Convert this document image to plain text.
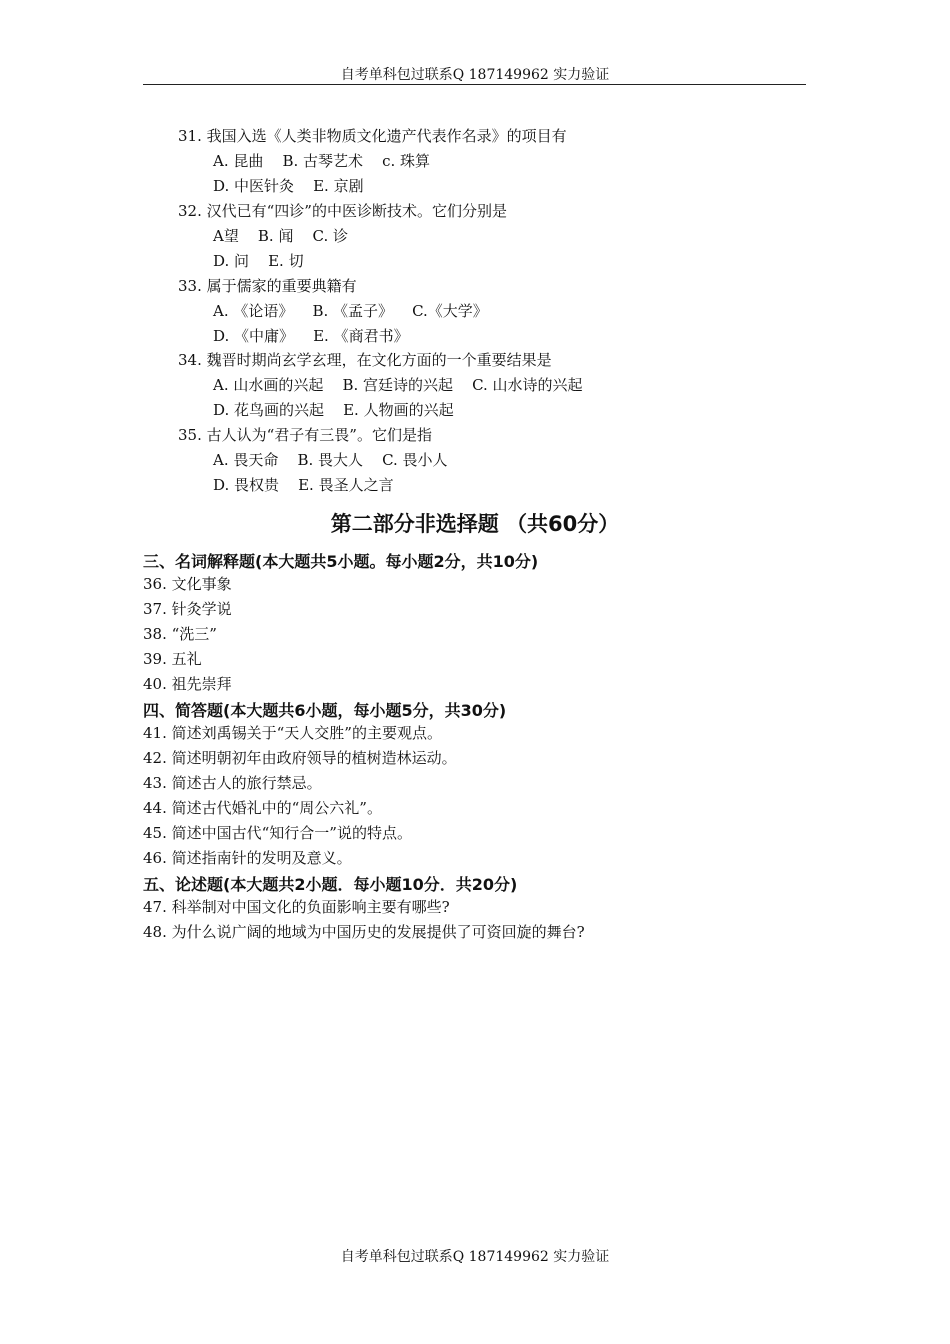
自考单科包过联系Q 187149962 实力验证
31. 我国入选《人类非物质文化遗产代表作名录》的项目有
A. 昆曲    B. 古琴艺术    c. 珠算
D. 中医针灸    E. 京剧
32. 汉代已有“四诊”的中医诊断技术。它们分别是
A望    B. 闻    C. 诊
D. 问    E. 切
33. 属于儒家的重要典籍有
A. 《论语》    B. 《孟子》    C.《大学》
D. 《中庸》    E. 《商君书》
34. 魏晋时期尚玄学玄理，在文化方面的一个重要结果是
A. 山水画的兴起    B. 宫廷诗的兴起    C. 山水诗的兴起
D. 花鸟画的兴起    E. 人物画的兴起
35. 古人认为“君子有三畏”。它们是指
A. 畏天命    B. 畏大人    C. 畏小人
D. 畏权贵    E. 畏圣人之言
第二部分非选择题 （共60分）
三、名词解释题(本大题共5小题。每小题2分，共10分)
36. 文化事象
37. 针灸学说
38. “洗三”
39. 五礼
40. 祖先崇拜
四、简答题(本大题共6小题，每小题5分，共30分)
41. 简述刘禹锡关于“天人交胜”的主要观点。
42. 简述明朝初年由政府领导的植树造林运动。
43. 简述古人的旅行禁忌。
44. 简述古代婚礼中的“周公六礼”。
45. 简述中国古代“知行合一”说的特点。
46. 简述指南针的发明及意义。
五、论述题(本大题共2小题．每小题10分．共20分)
47. 科举制对中国文化的负面影响主要有哪些?
48. 为什么说广阔的地域为中国历史的发展提供了可资回旋的舞台?
自考单科包过联系Q 187149962 实力验证
